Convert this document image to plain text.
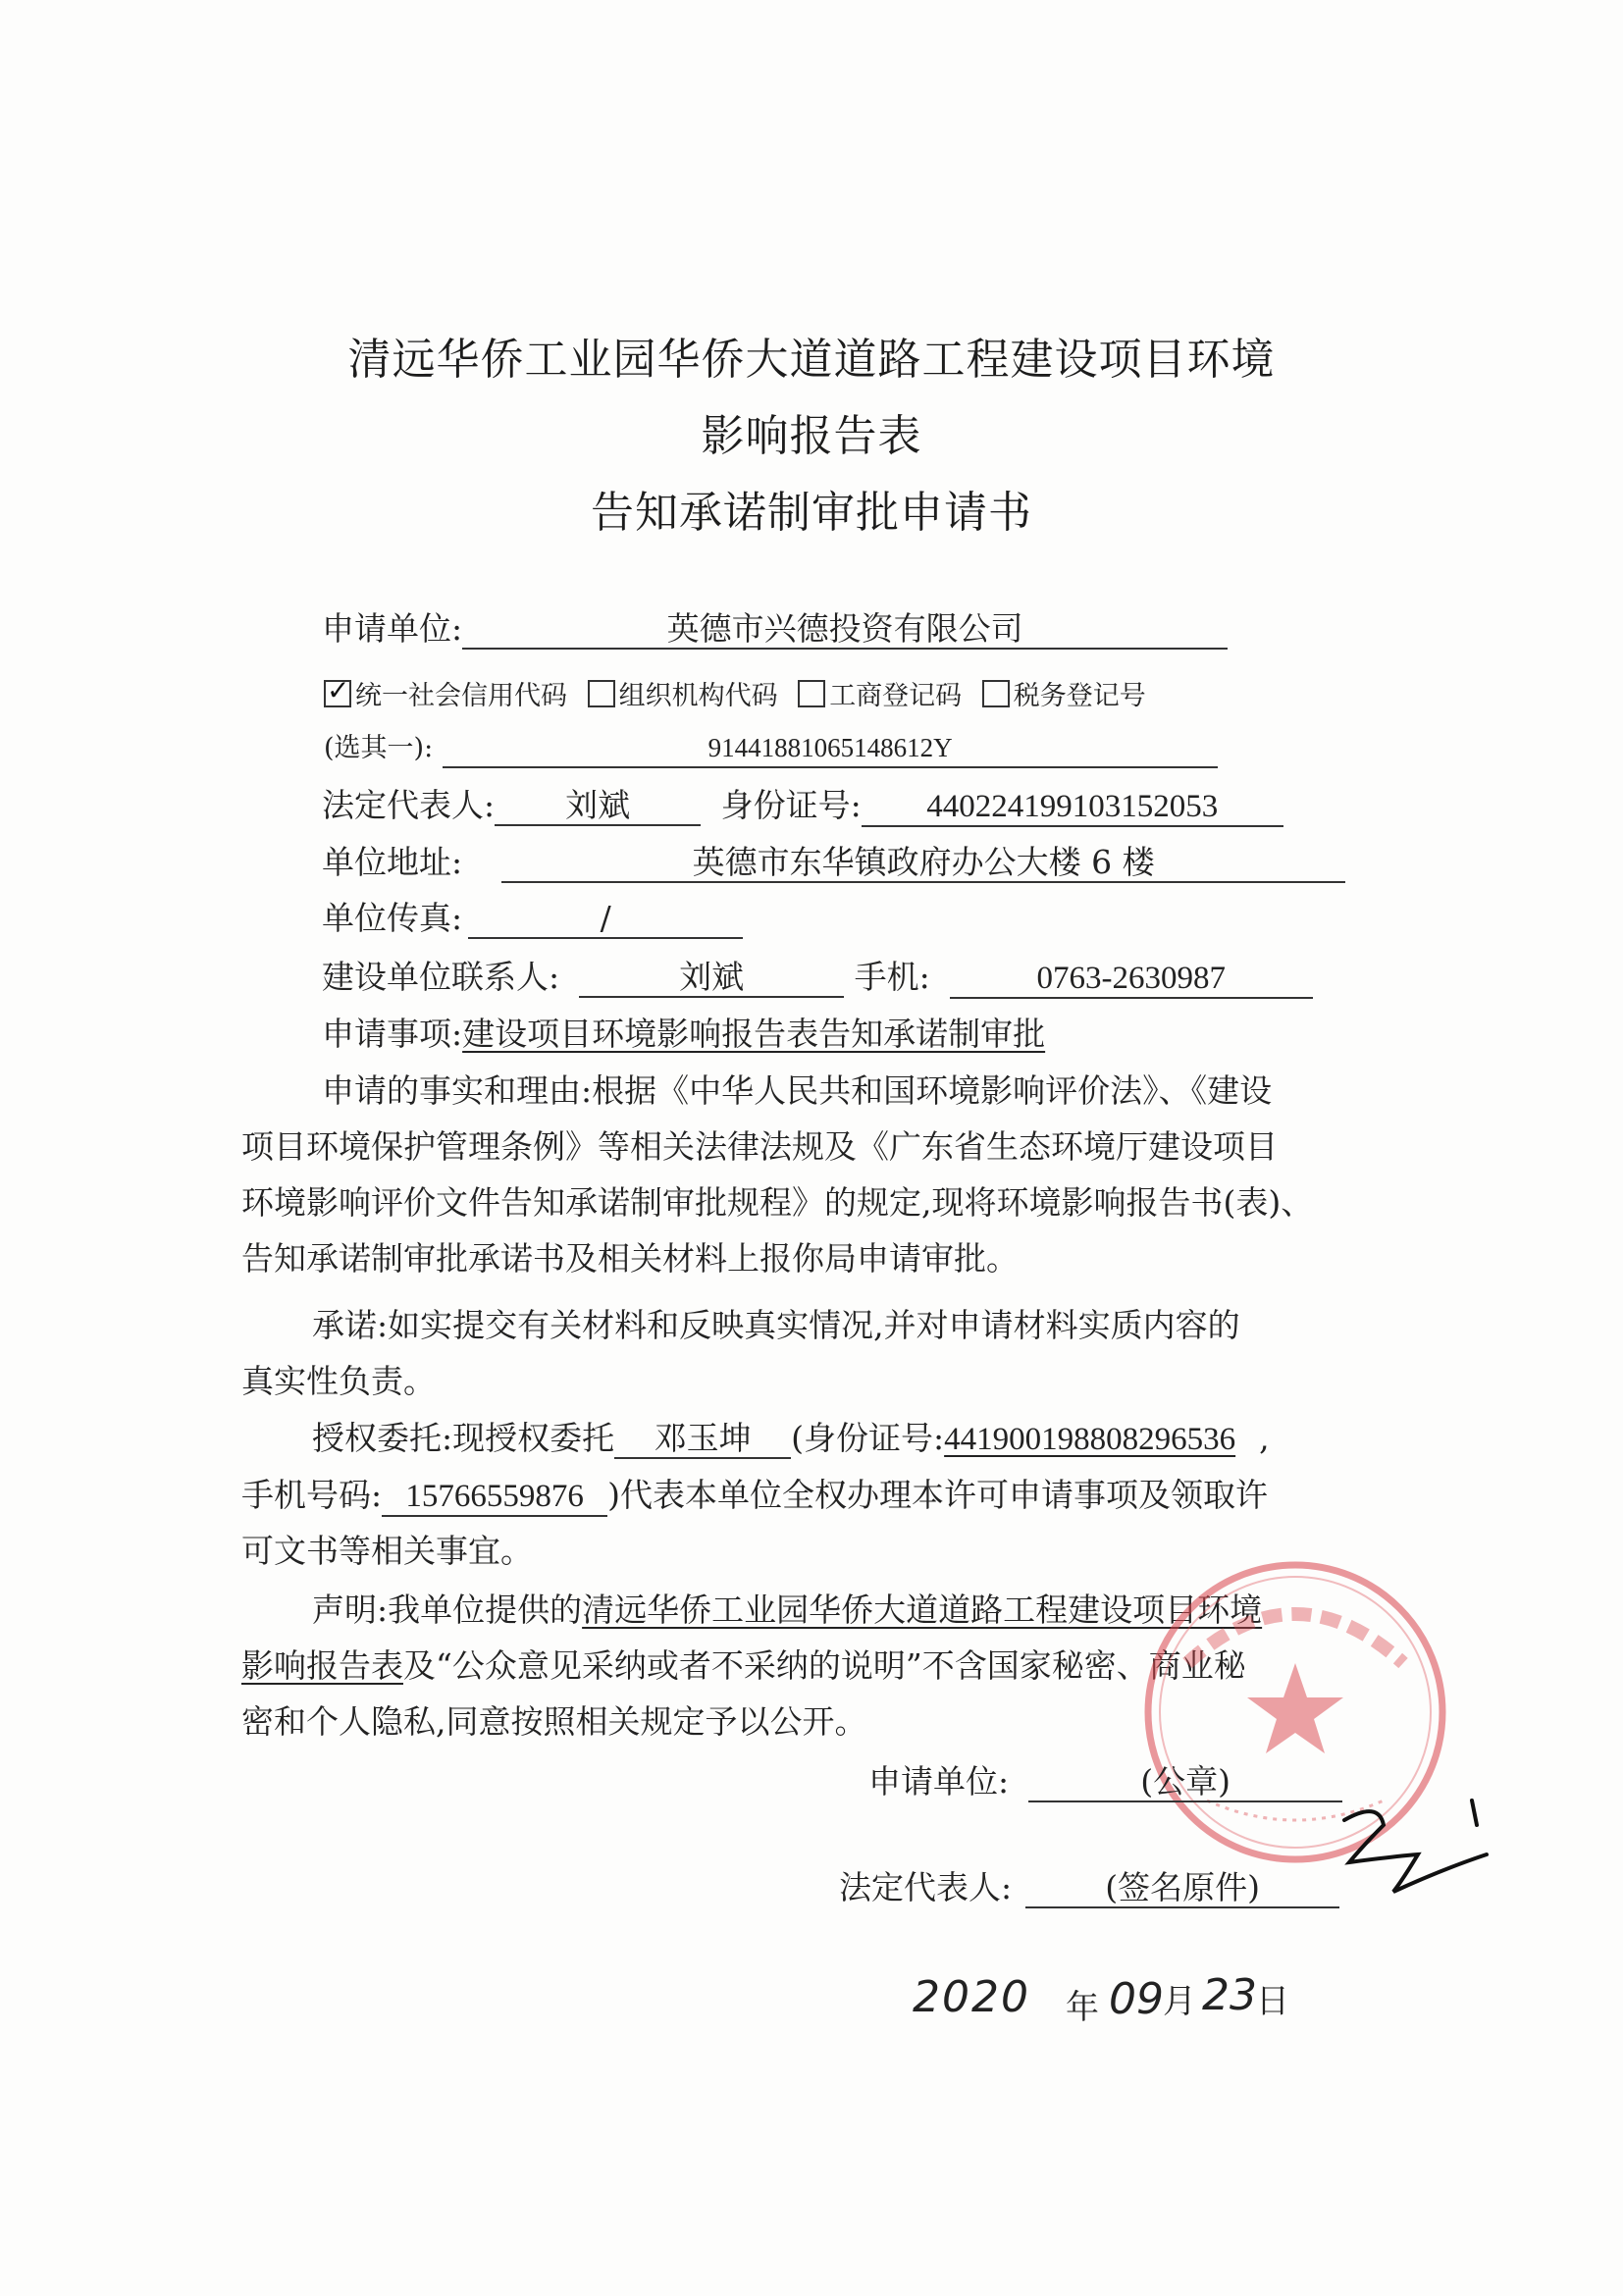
清远华侨工业园华侨大道道路工程建设项目环境
影响报告表
告知承诺制审批申请书
申请单位:	英德市兴德投资有限公司
✓统一社会信用代码 组织机构代码 工商登记码 税务登记号
(选其一):	91441881065148612Y
法定代表人: 刘斌	身份证号: 440224199103152053
单位地址:	英德市东华镇政府办公大楼 6 楼
单位传真:	/
建设单位联系人:	刘斌	手机:	0763-2630987
申请事项:建设项目环境影响报告表告知承诺制审批
申请的事实和理由:根据《中华人民共和国环境影响评价法》、《建设
项目环境保护管理条例》等相关法律法规及《广东省生态环境厅建设项目
环境影响评价文件告知承诺制审批规程》的规定,现将环境影响报告书(表)、
告知承诺制审批承诺书及相关材料上报你局申请审批。
承诺:如实提交有关材料和反映真实情况,并对申请材料实质内容的
真实性负责。
授权委托:现授权委托 邓玉坤 (身份证号:441900198808296536 ,
手机号码: 15766559876 )代表本单位全权办理本许可申请事项及领取许
可文书等相关事宜。
声明:我单位提供的清远华侨工业园华侨大道道路工程建设项目环境
影响报告表及“公众意见采纳或者不采纳的说明”不含国家秘密、商业秘
密和个人隐私,同意按照相关规定予以公开。
申请单位:	(公章)
法定代表人:	(签名原件)
2020 年 09 月 23 日
